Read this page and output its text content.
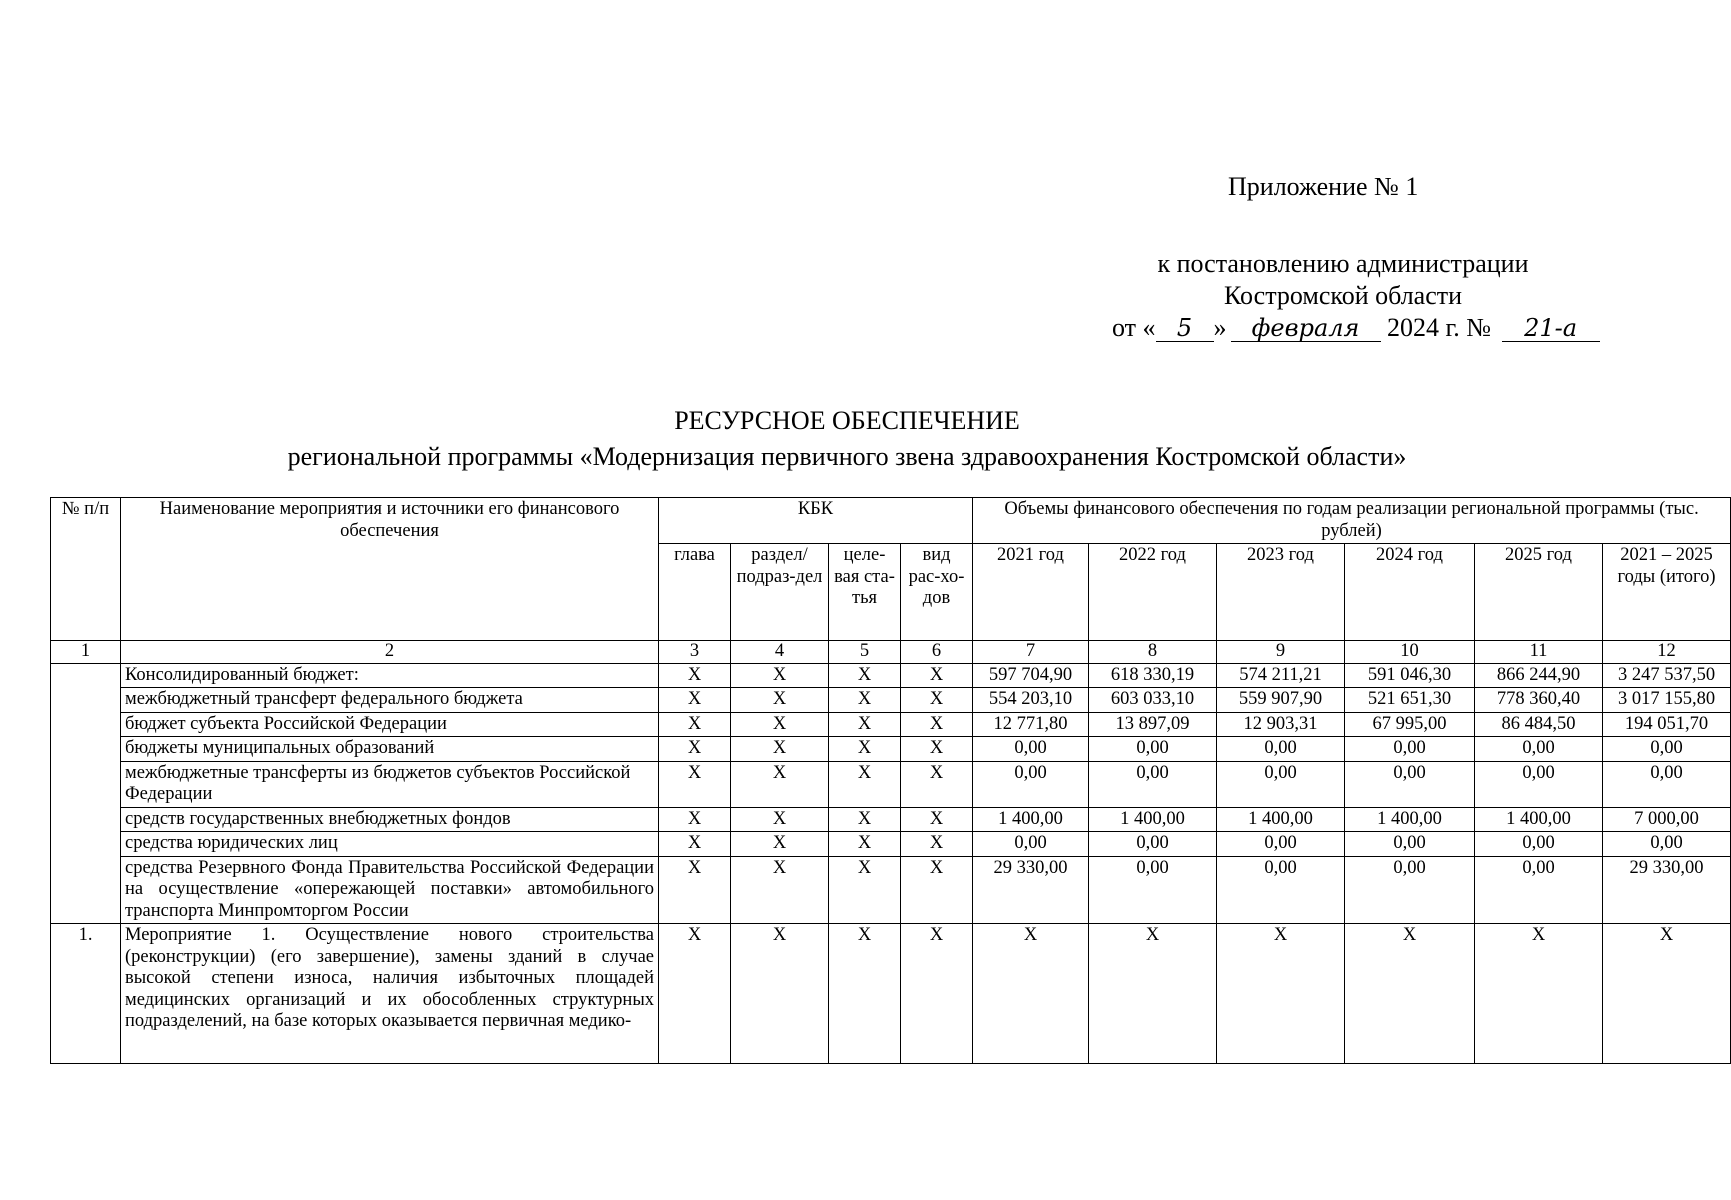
Приложение № 1
к постановлению администрации
Костромской области
от « 5 » февраля 2024 г. № 21-а
РЕСУРСНОЕ ОБЕСПЕЧЕНИЕ
региональной программы «Модернизация первичного звена здравоохранения Костромской области»
№ п/п	Наименование мероприятия и источники его финансового обеспечения	КБК				Объемы финансового обеспечения по годам реализации региональной программы (тыс. рублей)					
		глава	раздел/ подраз-дел	целе-вая ста-тья	вид рас-хо-дов	2021 год	2022 год	2023 год	2024 год	2025 год	2021 – 2025 годы (итого)
1	2	3	4	5	6	7	8	9	10	11	12
	Консолидированный бюджет:	Х	Х	Х	Х	597 704,90	618 330,19	574 211,21	591 046,30	866 244,90	3 247 537,50
	межбюджетный трансферт федерального бюджета	Х	Х	Х	Х	554 203,10	603 033,10	559 907,90	521 651,30	778 360,40	3 017 155,80
	бюджет субъекта Российской Федерации	Х	Х	Х	Х	12 771,80	13 897,09	12 903,31	67 995,00	86 484,50	194 051,70
	бюджеты муниципальных образований	Х	Х	Х	Х	0,00	0,00	0,00	0,00	0,00	0,00
	межбюджетные трансферты из бюджетов субъектов Российской Федерации	Х	Х	Х	Х	0,00	0,00	0,00	0,00	0,00	0,00
	средств государственных внебюджетных фондов	Х	Х	Х	Х	1 400,00	1 400,00	1 400,00	1 400,00	1 400,00	7 000,00
	средства юридических лиц	Х	Х	Х	Х	0,00	0,00	0,00	0,00	0,00	0,00
	средства Резервного Фонда Правительства Российской Федерации на осуществление «опережающей поставки» автомобильного транспорта Минпромторгом России	Х	Х	Х	Х	29 330,00	0,00	0,00	0,00	0,00	29 330,00
1.	Мероприятие 1. Осуществление нового строительства (реконструкции) (его завершение), замены зданий в случае высокой степени износа, наличия избыточных площадей медицинских организаций и их обособленных структурных подразделений, на базе которых оказывается первичная медико-	Х	Х	Х	Х	Х	Х	Х	Х	Х	Х
